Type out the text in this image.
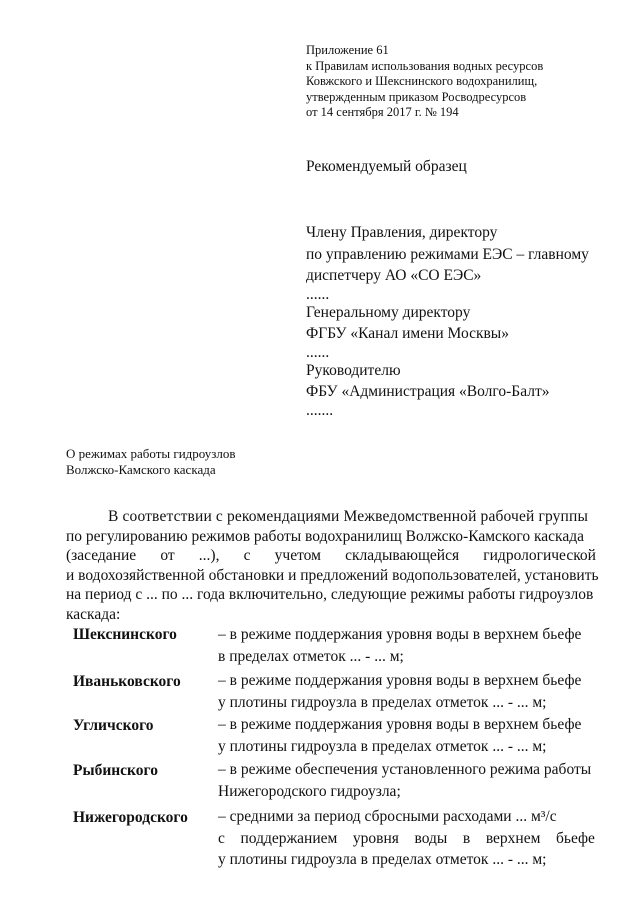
Приложение 61
к Правилам использования водных ресурсов
Ковжского и Шекснинского водохранилищ,
утвержденным приказом Росводресурсов
от 14 сентября 2017 г. № 194
Рекомендуемый образец
Члену Правления, директору
по управлению режимами ЕЭС – главному
диспетчеру АО «СО ЕЭС»
......
Генеральному директору
ФГБУ «Канал имени Москвы»
......
Руководителю
ФБУ «Администрация «Волго-Балт»
.......
О режимах работы гидроузлов
Волжско-Камского каскада
В соответствии с рекомендациями Межведомственной рабочей группы
по регулированию режимов работы водохранилищ Волжско-Камского каскада
(заседание от ...), с учетом складывающейся гидрологической
и водохозяйственной обстановки и предложений водопользователей, установить
на период с ... по ... года включительно, следующие режимы работы гидроузлов
каскада:
Шекснинского	– в режиме поддержания уровня воды в верхнем бьефе
в пределах отметок ... - ... м;
Иваньковского – в режиме поддержания уровня воды в верхнем бьефе
у плотины гидроузла в пределах отметок ... - ... м;
Угличского	– в режиме поддержания уровня воды в верхнем бьефе
у плотины гидроузла в пределах отметок ... - ... м;
Рыбинского	– в режиме обеспечения установленного режима работы
Нижегородского гидроузла;
Нижегородского – средними за период сбросными расходами ... м³/с
с поддержанием уровня воды в верхнем бьефе
у плотины гидроузла в пределах отметок ... - ... м;
